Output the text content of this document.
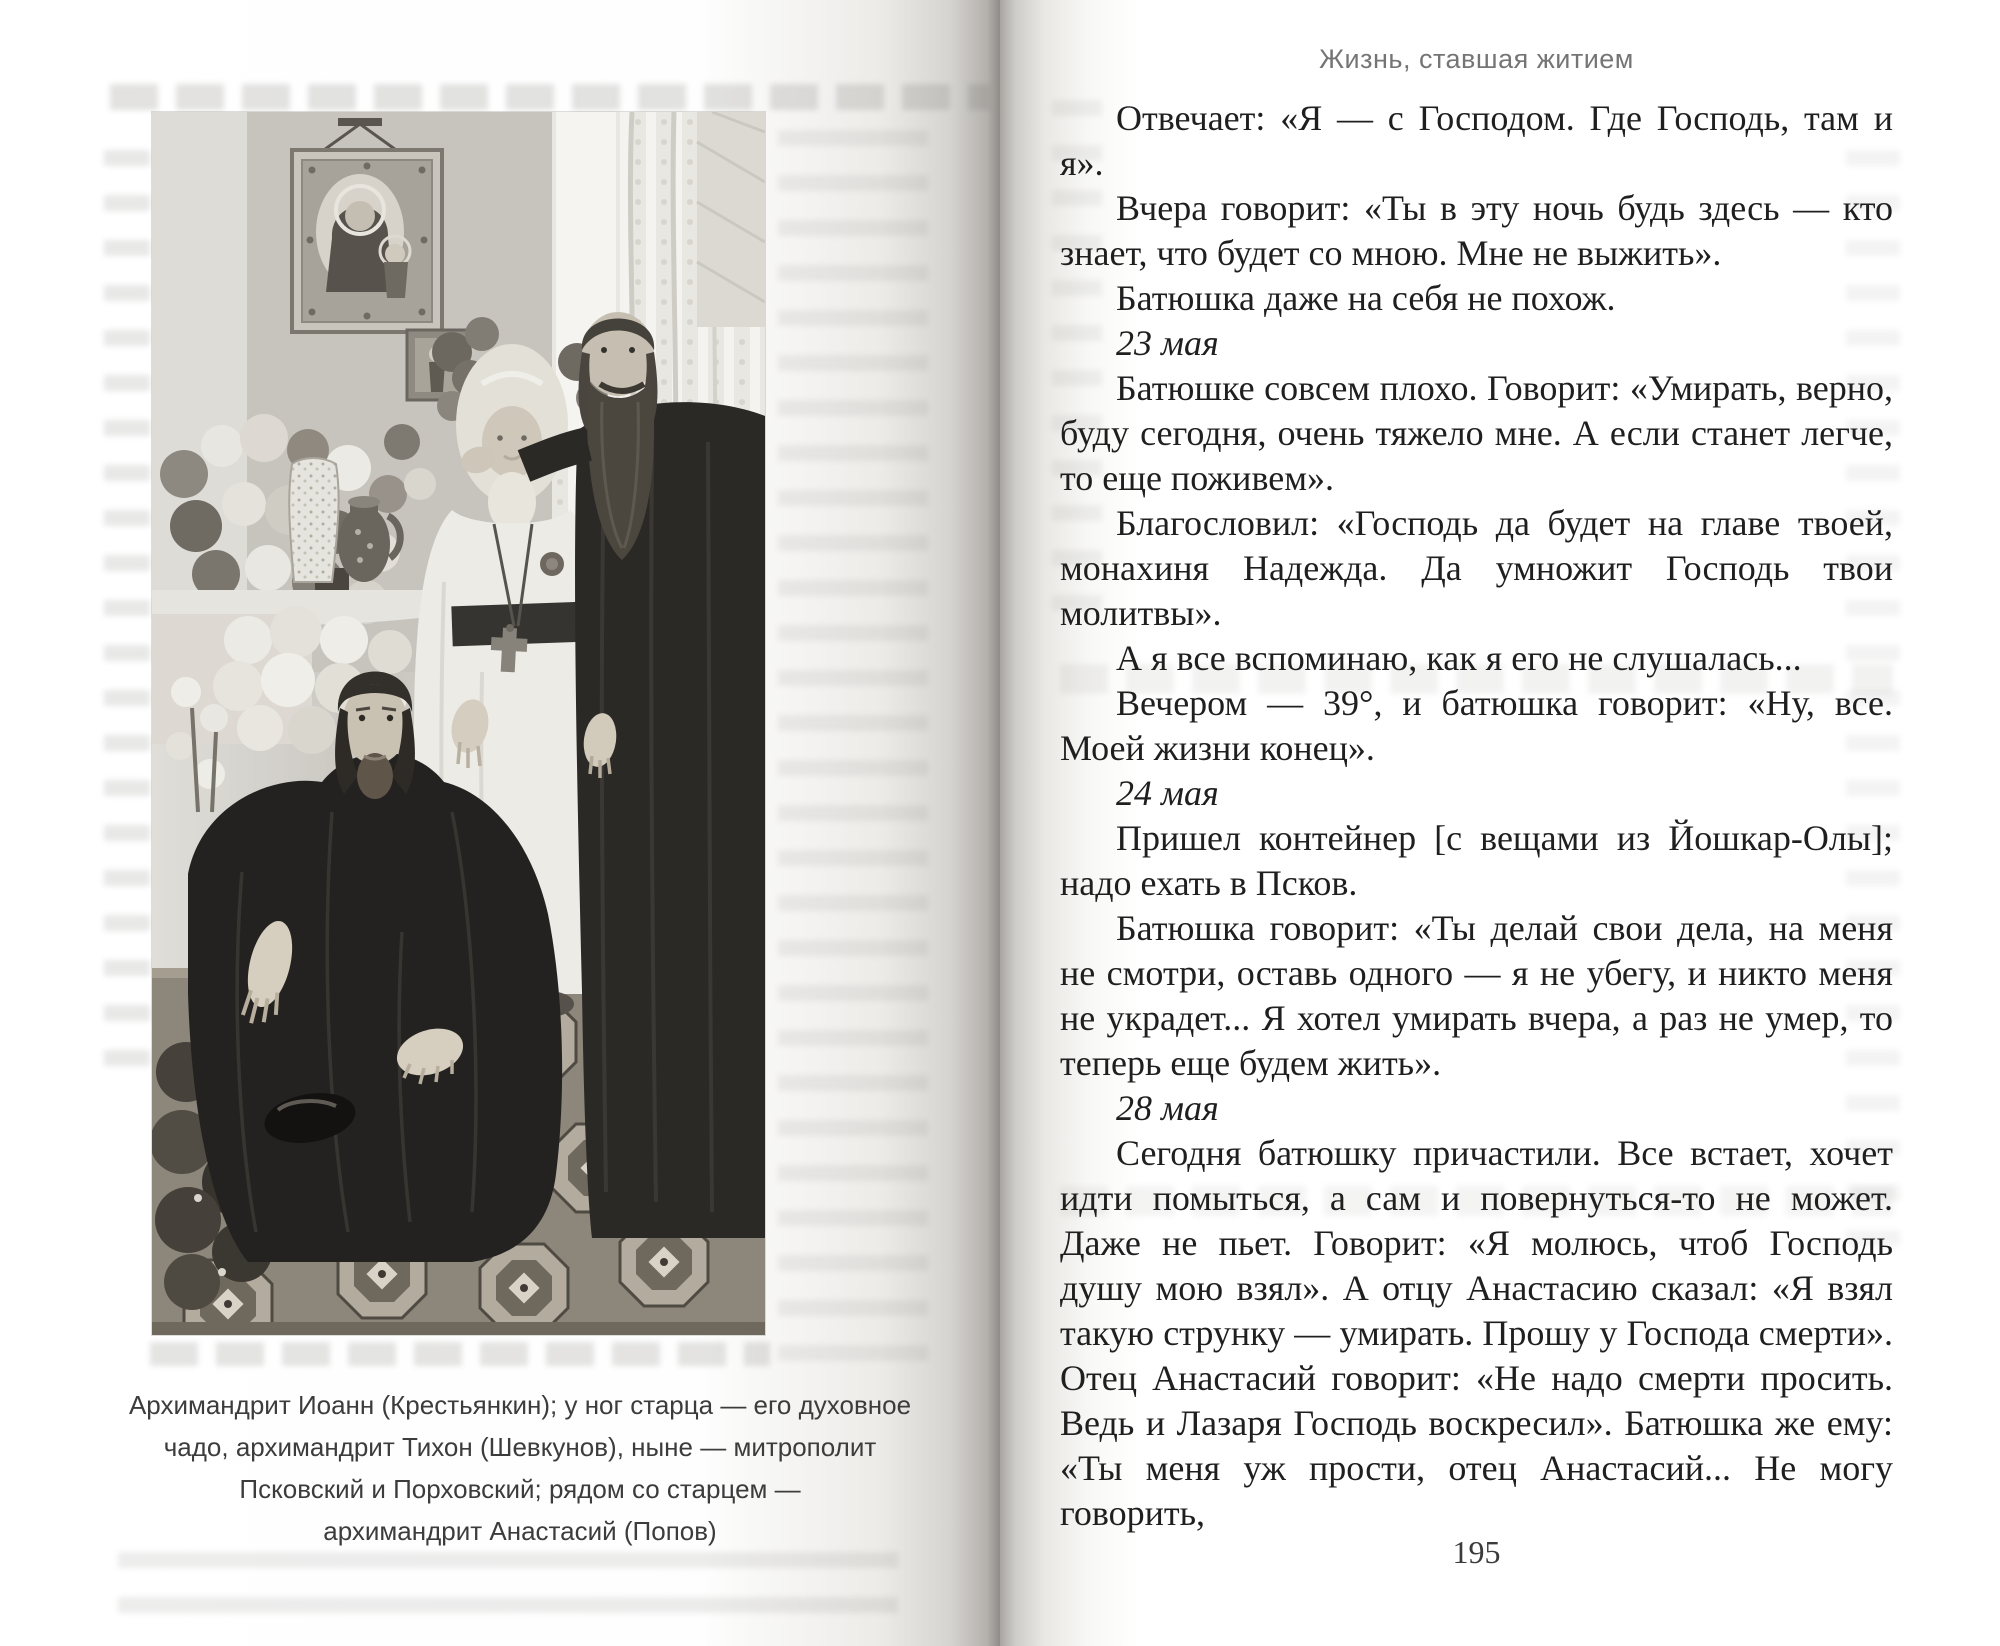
Архимандрит Иоанн (Крестьянкин); у ног старца — его духовное
чадо, архимандрит Тихон (Шевкунов), ныне — митрополит
Псковский и Порховский; рядом со старцем —
архимандрит Анастасий (Попов)
Жизнь, ставшая житием

Отвечает: «Я — с Господом. Где Господь, там и я».

Вчера говорит: «Ты в эту ночь будь здесь — кто знает, что будет со мною. Мне не выжить».

Батюшка даже на себя не похож.

23 мая

Батюшке совсем плохо. Говорит: «Умирать, верно, буду сегодня, очень тяжело мне. А если станет легче, то еще поживем».

Благословил: «Господь да будет на главе твоей, монахиня Надежда. Да умножит Господь твои молитвы».

А я все вспоминаю, как я его не слушалась...

Вечером — 39°, и батюшка говорит: «Ну, все. Моей жизни конец».

24 мая

Пришел контейнер [с вещами из Йошкар-Олы]; надо ехать в Псков.

Батюшка говорит: «Ты делай свои дела, на меня не смотри, оставь одного — я не убегу, и никто меня не украдет... Я хотел умирать вчера, а раз не умер, то теперь еще будем жить».

28 мая

Сегодня батюшку причастили. Все встает, хочет идти помыться, а сам и повернуться-то не может. Даже не пьет. Говорит: «Я молюсь, чтоб Господь душу мою взял». А отцу Анастасию сказал: «Я взял такую струнку — умирать. Прошу у Господа смерти». Отец Анастасий говорит: «Не надо смерти просить. Ведь и Лазаря Господь воскресил». Батюшка же ему: «Ты меня уж прости, отец Анастасий... Не могу говорить,

195
